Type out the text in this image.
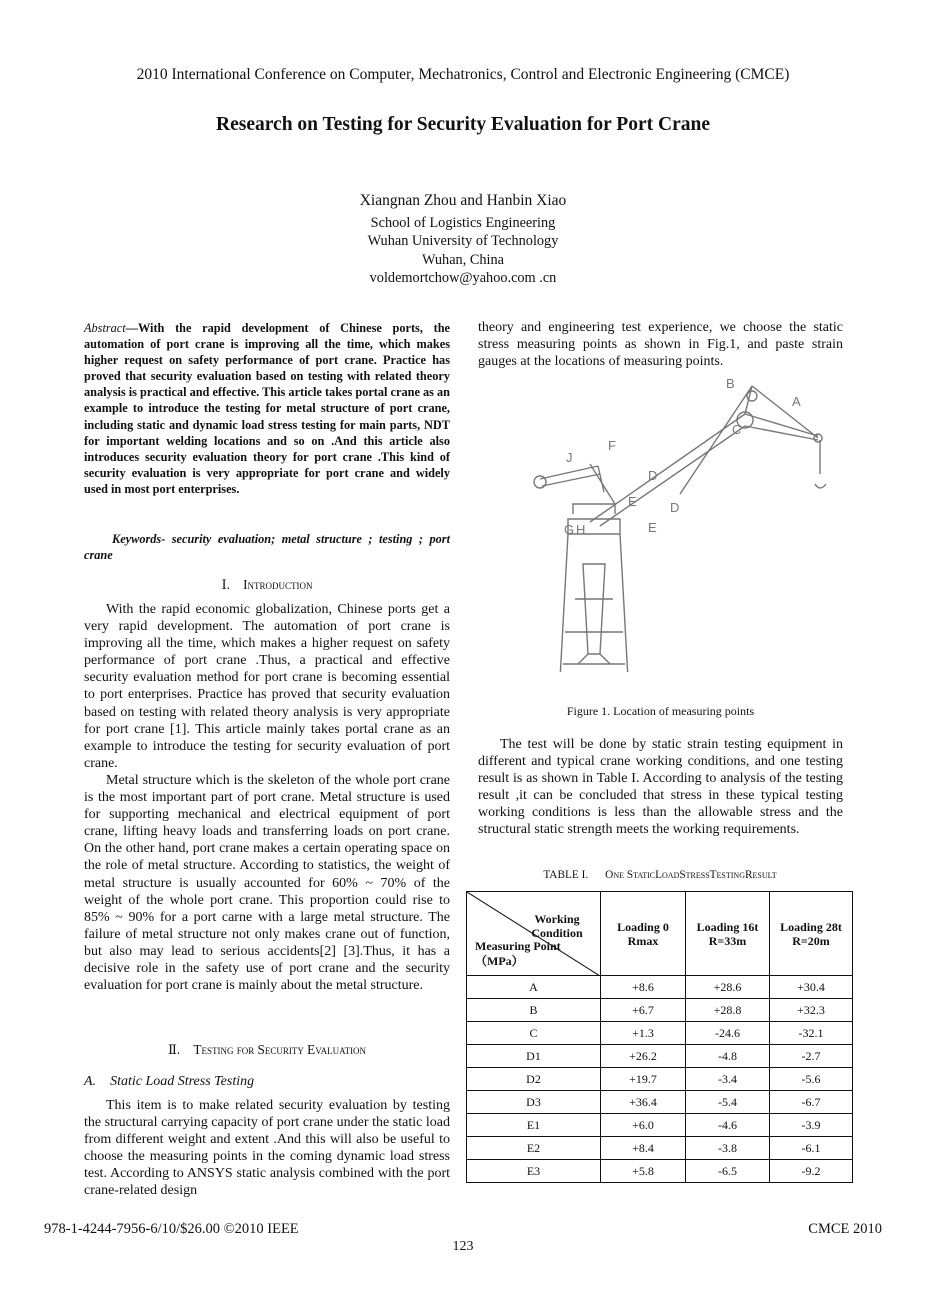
2010 International Conference on Computer, Mechatronics, Control and Electronic Engineering (CMCE)
Research on Testing for Security Evaluation for Port Crane
Xiangnan Zhou and Hanbin Xiao
School of Logistics Engineering
Wuhan University of Technology
Wuhan, China
voldemortchow@yahoo.com .cn
Abstract—With the rapid development of Chinese ports, the automation of port crane is improving all the time, which makes higher request on safety performance of port crane. Practice has proved that security evaluation based on testing with related theory analysis is practical and effective. This article takes portal crane as an example to introduce the testing for metal structure of port crane, including static and dynamic load stress testing for main parts, NDT for important welding locations and so on .And this article also introduces security evaluation theory for port crane .This kind of security evaluation is very appropriate for port crane and widely used in most port enterprises.
Keywords- security evaluation; metal structure ; testing ; port crane
Ⅰ. Introduction

With the rapid economic globalization, Chinese ports get a very rapid development. The automation of port crane is improving all the time, which makes a higher request on safety performance of port crane .Thus, a practical and effective security evaluation method for port crane is becoming essential to port enterprises. Practice has proved that security evaluation based on testing with related theory analysis is very appropriate for port crane [1]. This article mainly takes portal crane as an example to introduce the testing for security evaluation of port crane.

Metal structure which is the skeleton of the whole port crane is the most important part of port crane. Metal structure is used for supporting mechanical and electrical equipment of port crane, lifting heavy loads and transferring loads on port crane. On the other hand, port crane makes a certain operating space on the role of metal structure. According to statistics, the weight of metal structure is usually accounted for 60% ~ 70% of the weight of the whole port crane. This proportion could rise to 85% ~ 90% for a port carne with a large metal structure. The failure of metal structure not only makes crane out of function, but also may lead to serious accidents[2] [3].Thus, it has a decisive role in the safety use of port crane and the security evaluation for port crane is mainly about the metal structure.

Ⅱ. Testing for Security Evaluation
A. Static Load Stress Testing

This item is to make related security evaluation by testing the structural carrying capacity of port crane under the static load from different weight and extent .And this will also be useful to choose the measuring points in the coming dynamic load stress test. According to ANSYS static analysis combined with the port crane-related design

theory and engineering test experience, we choose the static stress measuring points as shown in Fig.1, and paste strain gauges at the locations of measuring points.

B
A
C
F
J
D
E	D
E
G H
Figure 1. Location of measuring points

The test will be done by static strain testing equipment in different and typical crane working conditions, and one testing result is as shown in Table I. According to analysis of the testing result ,it can be concluded that stress in these typical testing working conditions is less than the allowable stress and the structural static strength meets the working requirements.

TABLE I. One StaticLoadStressTestingResult
Working Condition
Measuring Point（MPa）	Loading 0 Rmax	Loading 16t R=33m	Loading 28t R=20m

A	+8.6	+28.6	+30.4
B	+6.7	+28.8	+32.3
C	+1.3	-24.6	-32.1
D1	+26.2	-4.8	-2.7
D2	+19.7	-3.4	-5.6
D3	+36.4	-5.4	-6.7
E1	+6.0	-4.6	-3.9
E2	+8.4	-3.8	-6.1
E3	+5.8	-6.5	-9.2
978-1-4244-7956-6/10/$26.00 ©2010 IEEE	CMCE 2010
123
